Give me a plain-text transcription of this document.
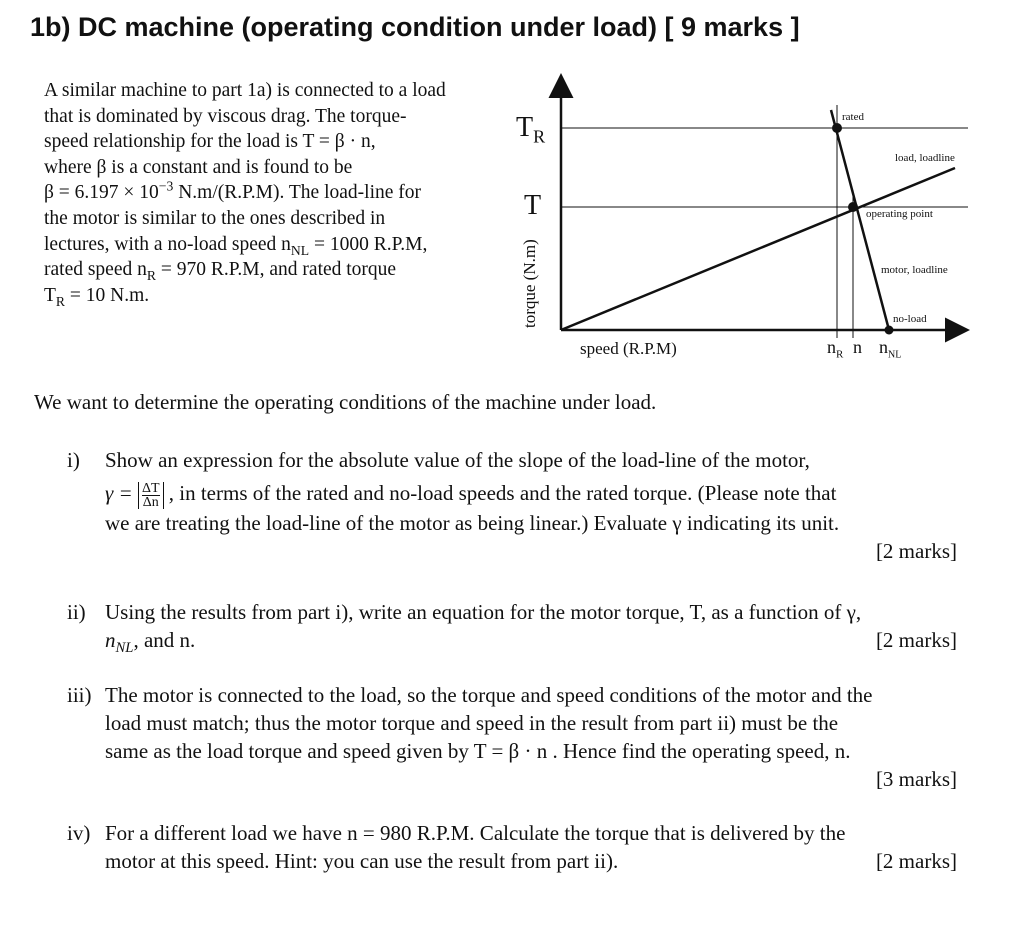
1b) DC machine (operating condition under load) [ 9 marks ]
A similar machine to part 1a) is connected to a load
that is dominated by viscous drag. The torque-
speed relationship for the load is T = β · n,
where β is a constant and is found to be
$\beta = 6.197 \times 10^{-3}$ N.m/(R.P.M). The load-line for
the motor is similar to the ones described in
lectures, with a no-load speed $n_{NL} = 1000$ R.P.M,
rated speed $n_R = 970$ R.P.M, and rated torque
$T_R = 10$ N.m.
$T_R$
T
torque (N.m)
speed (R.P.M)
rated
load, loadline
operating point
motor, loadline
no-load
$n_R$ n $n_{NL}$
We want to determine the operating conditions of the machine under load.
i) Show an expression for the absolute value of the slope of the load-line of the motor,
$\gamma = \frac{\Delta T}{\Delta n}$ , in terms of the rated and no-load speeds and the rated torque. (Please note that
we are treating the load-line of the motor as being linear.) Evaluate γ indicating its unit.
[2 marks]
ii) Using the results from part i), write an equation for the motor torque, T, as a function of γ,
$n_{NL}$, and n.	[2 marks]
iii) The motor is connected to the load, so the torque and speed conditions of the motor and the
load must match; thus the motor torque and speed in the result from part ii) must be the
same as the load torque and speed given by T = β · n . Hence find the operating speed, n.
[3 marks]
iv) For a different load we have n = 980 R.P.M. Calculate the torque that is delivered by the
motor at this speed. Hint: you can use the result from part ii).	[2 marks]
